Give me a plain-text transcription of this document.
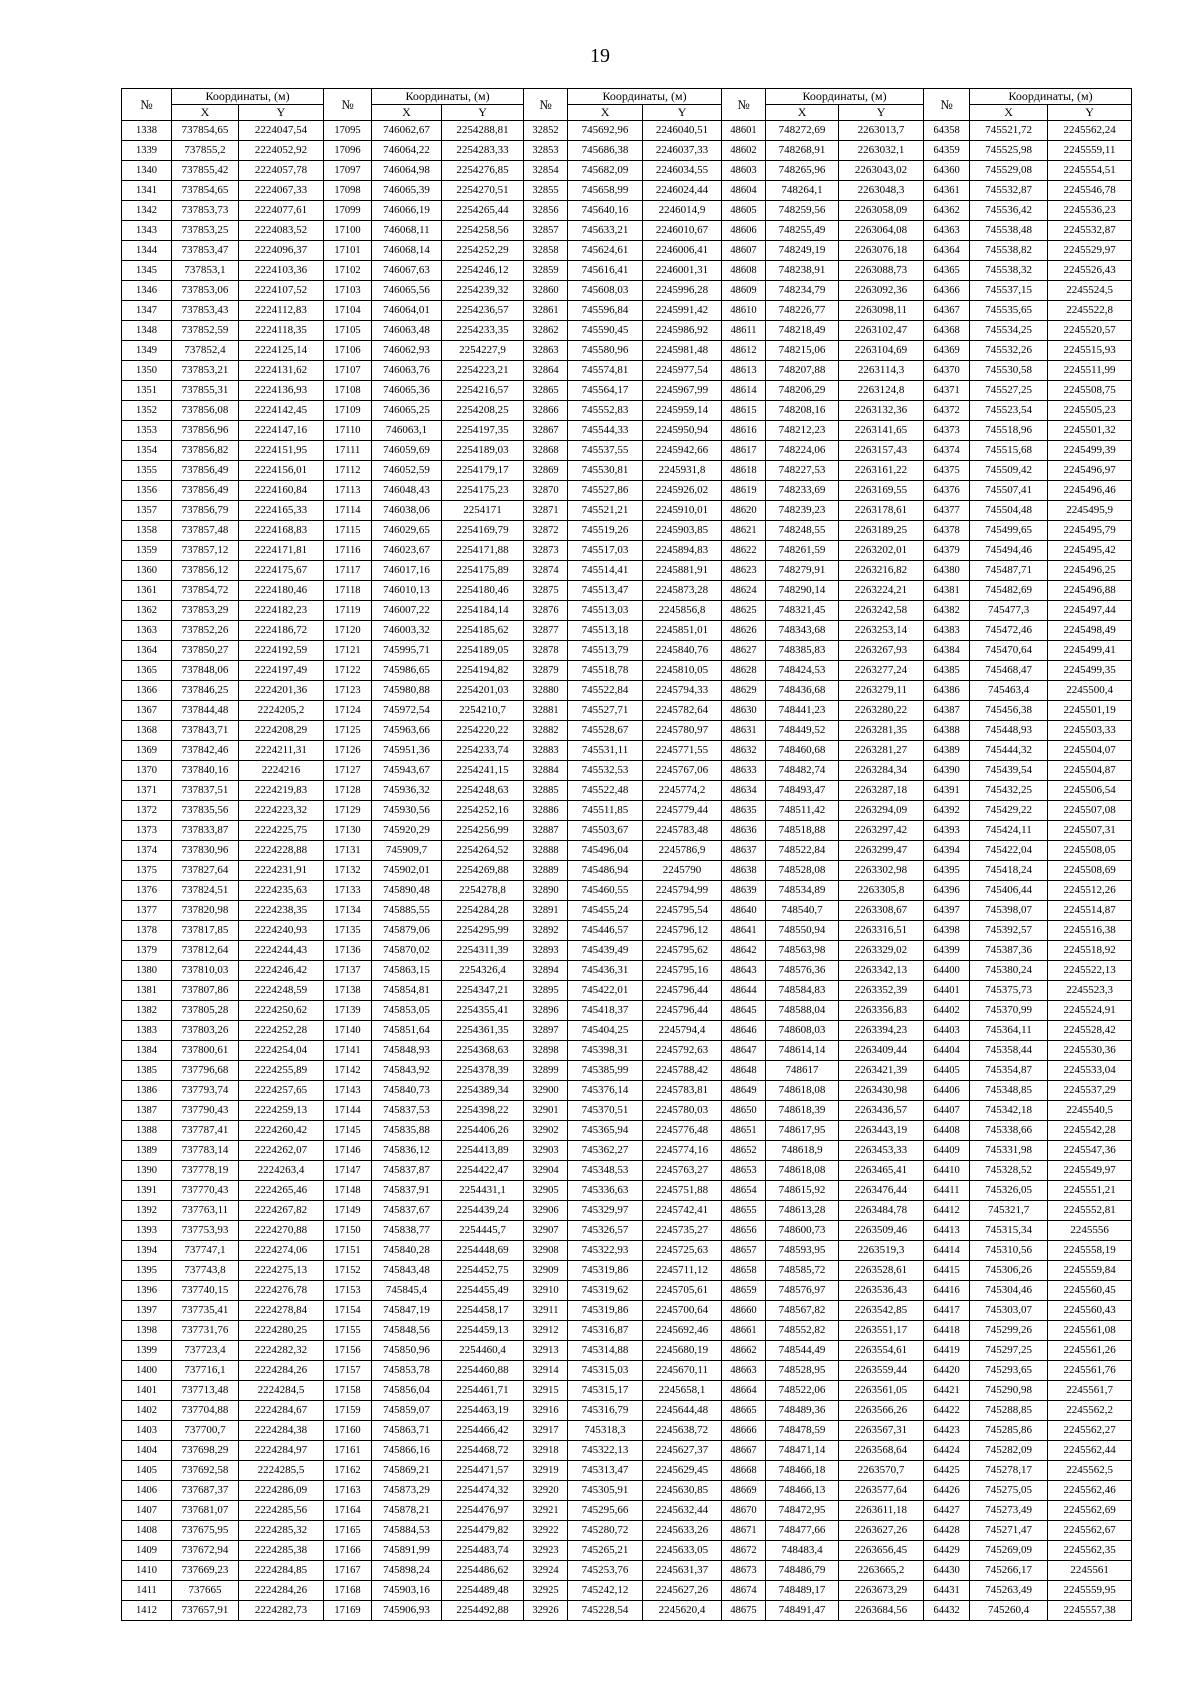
19
№	Координаты, (м)		№	Координаты, (м)		№	Координаты, (м)		№	Координаты, (м)		№	Координаты, (м)	
	X	Y		X	Y		X	Y		X	Y		X	Y
1338	737854,65	2224047,54	17095	746062,67	2254288,81	32852	745692,96	2246040,51	48601	748272,69	2263013,7	64358	745521,72	2245562,24
1339	737855,2	2224052,92	17096	746064,22	2254283,33	32853	745686,38	2246037,33	48602	748268,91	2263032,1	64359	745525,98	2245559,11
1340	737855,42	2224057,78	17097	746064,98	2254276,85	32854	745682,09	2246034,55	48603	748265,96	2263043,02	64360	745529,08	2245554,51
1341	737854,65	2224067,33	17098	746065,39	2254270,51	32855	745658,99	2246024,44	48604	748264,1	2263048,3	64361	745532,87	2245546,78
1342	737853,73	2224077,61	17099	746066,19	2254265,44	32856	745640,16	2246014,9	48605	748259,56	2263058,09	64362	745536,42	2245536,23
1343	737853,25	2224083,52	17100	746068,11	2254258,56	32857	745633,21	2246010,67	48606	748255,49	2263064,08	64363	745538,48	2245532,87
1344	737853,47	2224096,37	17101	746068,14	2254252,29	32858	745624,61	2246006,41	48607	748249,19	2263076,18	64364	745538,82	2245529,97
1345	737853,1	2224103,36	17102	746067,63	2254246,12	32859	745616,41	2246001,31	48608	748238,91	2263088,73	64365	745538,32	2245526,43
1346	737853,06	2224107,52	17103	746065,56	2254239,32	32860	745608,03	2245996,28	48609	748234,79	2263092,36	64366	745537,15	2245524,5
1347	737853,43	2224112,83	17104	746064,01	2254236,57	32861	745596,84	2245991,42	48610	748226,77	2263098,11	64367	745535,65	2245522,8
1348	737852,59	2224118,35	17105	746063,48	2254233,35	32862	745590,45	2245986,92	48611	748218,49	2263102,47	64368	745534,25	2245520,57
1349	737852,4	2224125,14	17106	746062,93	2254227,9	32863	745580,96	2245981,48	48612	748215,06	2263104,69	64369	745532,26	2245515,93
1350	737853,21	2224131,62	17107	746063,76	2254223,21	32864	745574,81	2245977,54	48613	748207,88	2263114,3	64370	745530,58	2245511,99
1351	737855,31	2224136,93	17108	746065,36	2254216,57	32865	745564,17	2245967,99	48614	748206,29	2263124,8	64371	745527,25	2245508,75
1352	737856,08	2224142,45	17109	746065,25	2254208,25	32866	745552,83	2245959,14	48615	748208,16	2263132,36	64372	745523,54	2245505,23
1353	737856,96	2224147,16	17110	746063,1	2254197,35	32867	745544,33	2245950,94	48616	748212,23	2263141,65	64373	745518,96	2245501,32
1354	737856,82	2224151,95	17111	746059,69	2254189,03	32868	745537,55	2245942,66	48617	748224,06	2263157,43	64374	745515,68	2245499,39
1355	737856,49	2224156,01	17112	746052,59	2254179,17	32869	745530,81	2245931,8	48618	748227,53	2263161,22	64375	745509,42	2245496,97
1356	737856,49	2224160,84	17113	746048,43	2254175,23	32870	745527,86	2245926,02	48619	748233,69	2263169,55	64376	745507,41	2245496,46
1357	737856,79	2224165,33	17114	746038,06	2254171	32871	745521,21	2245910,01	48620	748239,23	2263178,61	64377	745504,48	2245495,9
1358	737857,48	2224168,83	17115	746029,65	2254169,79	32872	745519,26	2245903,85	48621	748248,55	2263189,25	64378	745499,65	2245495,79
1359	737857,12	2224171,81	17116	746023,67	2254171,88	32873	745517,03	2245894,83	48622	748261,59	2263202,01	64379	745494,46	2245495,42
1360	737856,12	2224175,67	17117	746017,16	2254175,89	32874	745514,41	2245881,91	48623	748279,91	2263216,82	64380	745487,71	2245496,25
1361	737854,72	2224180,46	17118	746010,13	2254180,46	32875	745513,47	2245873,28	48624	748290,14	2263224,21	64381	745482,69	2245496,88
1362	737853,29	2224182,23	17119	746007,22	2254184,14	32876	745513,03	2245856,8	48625	748321,45	2263242,58	64382	745477,3	2245497,44
1363	737852,26	2224186,72	17120	746003,32	2254185,62	32877	745513,18	2245851,01	48626	748343,68	2263253,14	64383	745472,46	2245498,49
1364	737850,27	2224192,59	17121	745995,71	2254189,05	32878	745513,79	2245840,76	48627	748385,83	2263267,93	64384	745470,64	2245499,41
1365	737848,06	2224197,49	17122	745986,65	2254194,82	32879	745518,78	2245810,05	48628	748424,53	2263277,24	64385	745468,47	2245499,35
1366	737846,25	2224201,36	17123	745980,88	2254201,03	32880	745522,84	2245794,33	48629	748436,68	2263279,11	64386	745463,4	2245500,4
1367	737844,48	2224205,2	17124	745972,54	2254210,7	32881	745527,71	2245782,64	48630	748441,23	2263280,22	64387	745456,38	2245501,19
1368	737843,71	2224208,29	17125	745963,66	2254220,22	32882	745528,67	2245780,97	48631	748449,52	2263281,35	64388	745448,93	2245503,33
1369	737842,46	2224211,31	17126	745951,36	2254233,74	32883	745531,11	2245771,55	48632	748460,68	2263281,27	64389	745444,32	2245504,07
1370	737840,16	2224216	17127	745943,67	2254241,15	32884	745532,53	2245767,06	48633	748482,74	2263284,34	64390	745439,54	2245504,87
1371	737837,51	2224219,83	17128	745936,32	2254248,63	32885	745522,48	2245774,2	48634	748493,47	2263287,18	64391	745432,25	2245506,54
1372	737835,56	2224223,32	17129	745930,56	2254252,16	32886	745511,85	2245779,44	48635	748511,42	2263294,09	64392	745429,22	2245507,08
1373	737833,87	2224225,75	17130	745920,29	2254256,99	32887	745503,67	2245783,48	48636	748518,88	2263297,42	64393	745424,11	2245507,31
1374	737830,96	2224228,88	17131	745909,7	2254264,52	32888	745496,04	2245786,9	48637	748522,84	2263299,47	64394	745422,04	2245508,05
1375	737827,64	2224231,91	17132	745902,01	2254269,88	32889	745486,94	2245790	48638	748528,08	2263302,98	64395	745418,24	2245508,69
1376	737824,51	2224235,63	17133	745890,48	2254278,8	32890	745460,55	2245794,99	48639	748534,89	2263305,8	64396	745406,44	2245512,26
1377	737820,98	2224238,35	17134	745885,55	2254284,28	32891	745455,24	2245795,54	48640	748540,7	2263308,67	64397	745398,07	2245514,87
1378	737817,85	2224240,93	17135	745879,06	2254295,99	32892	745446,57	2245796,12	48641	748550,94	2263316,51	64398	745392,57	2245516,38
1379	737812,64	2224244,43	17136	745870,02	2254311,39	32893	745439,49	2245795,62	48642	748563,98	2263329,02	64399	745387,36	2245518,92
1380	737810,03	2224246,42	17137	745863,15	2254326,4	32894	745436,31	2245795,16	48643	748576,36	2263342,13	64400	745380,24	2245522,13
1381	737807,86	2224248,59	17138	745854,81	2254347,21	32895	745422,01	2245796,44	48644	748584,83	2263352,39	64401	745375,73	2245523,3
1382	737805,28	2224250,62	17139	745853,05	2254355,41	32896	745418,37	2245796,44	48645	748588,04	2263356,83	64402	745370,99	2245524,91
1383	737803,26	2224252,28	17140	745851,64	2254361,35	32897	745404,25	2245794,4	48646	748608,03	2263394,23	64403	745364,11	2245528,42
1384	737800,61	2224254,04	17141	745848,93	2254368,63	32898	745398,31	2245792,63	48647	748614,14	2263409,44	64404	745358,44	2245530,36
1385	737796,68	2224255,89	17142	745843,92	2254378,39	32899	745385,99	2245788,42	48648	748617	2263421,39	64405	745354,87	2245533,04
1386	737793,74	2224257,65	17143	745840,73	2254389,34	32900	745376,14	2245783,81	48649	748618,08	2263430,98	64406	745348,85	2245537,29
1387	737790,43	2224259,13	17144	745837,53	2254398,22	32901	745370,51	2245780,03	48650	748618,39	2263436,57	64407	745342,18	2245540,5
1388	737787,41	2224260,42	17145	745835,88	2254406,26	32902	745365,94	2245776,48	48651	748617,95	2263443,19	64408	745338,66	2245542,28
1389	737783,14	2224262,07	17146	745836,12	2254413,89	32903	745362,27	2245774,16	48652	748618,9	2263453,33	64409	745331,98	2245547,36
1390	737778,19	2224263,4	17147	745837,87	2254422,47	32904	745348,53	2245763,27	48653	748618,08	2263465,41	64410	745328,52	2245549,97
1391	737770,43	2224265,46	17148	745837,91	2254431,1	32905	745336,63	2245751,88	48654	748615,92	2263476,44	64411	745326,05	2245551,21
1392	737763,11	2224267,82	17149	745837,67	2254439,24	32906	745329,97	2245742,41	48655	748613,28	2263484,78	64412	745321,7	2245552,81
1393	737753,93	2224270,88	17150	745838,77	2254445,7	32907	745326,57	2245735,27	48656	748600,73	2263509,46	64413	745315,34	2245556
1394	737747,1	2224274,06	17151	745840,28	2254448,69	32908	745322,93	2245725,63	48657	748593,95	2263519,3	64414	745310,56	2245558,19
1395	737743,8	2224275,13	17152	745843,48	2254452,75	32909	745319,86	2245711,12	48658	748585,72	2263528,61	64415	745306,26	2245559,84
1396	737740,15	2224276,78	17153	745845,4	2254455,49	32910	745319,62	2245705,61	48659	748576,97	2263536,43	64416	745304,46	2245560,45
1397	737735,41	2224278,84	17154	745847,19	2254458,17	32911	745319,86	2245700,64	48660	748567,82	2263542,85	64417	745303,07	2245560,43
1398	737731,76	2224280,25	17155	745848,56	2254459,13	32912	745316,87	2245692,46	48661	748552,82	2263551,17	64418	745299,26	2245561,08
1399	737723,4	2224282,32	17156	745850,96	2254460,4	32913	745314,88	2245680,19	48662	748544,49	2263554,61	64419	745297,25	2245561,26
1400	737716,1	2224284,26	17157	745853,78	2254460,88	32914	745315,03	2245670,11	48663	748528,95	2263559,44	64420	745293,65	2245561,76
1401	737713,48	2224284,5	17158	745856,04	2254461,71	32915	745315,17	2245658,1	48664	748522,06	2263561,05	64421	745290,98	2245561,7
1402	737704,88	2224284,67	17159	745859,07	2254463,19	32916	745316,79	2245644,48	48665	748489,36	2263566,26	64422	745288,85	2245562,2
1403	737700,7	2224284,38	17160	745863,71	2254466,42	32917	745318,3	2245638,72	48666	748478,59	2263567,31	64423	745285,86	2245562,27
1404	737698,29	2224284,97	17161	745866,16	2254468,72	32918	745322,13	2245627,37	48667	748471,14	2263568,64	64424	745282,09	2245562,44
1405	737692,58	2224285,5	17162	745869,21	2254471,57	32919	745313,47	2245629,45	48668	748466,18	2263570,7	64425	745278,17	2245562,5
1406	737687,37	2224286,09	17163	745873,29	2254474,32	32920	745305,91	2245630,85	48669	748466,13	2263577,64	64426	745275,05	2245562,46
1407	737681,07	2224285,56	17164	745878,21	2254476,97	32921	745295,66	2245632,44	48670	748472,95	2263611,18	64427	745273,49	2245562,69
1408	737675,95	2224285,32	17165	745884,53	2254479,82	32922	745280,72	2245633,26	48671	748477,66	2263627,26	64428	745271,47	2245562,67
1409	737672,94	2224285,38	17166	745891,99	2254483,74	32923	745265,21	2245633,05	48672	748483,4	2263656,45	64429	745269,09	2245562,35
1410	737669,23	2224284,85	17167	745898,24	2254486,62	32924	745253,76	2245631,37	48673	748486,79	2263665,2	64430	745266,17	2245561
1411	737665	2224284,26	17168	745903,16	2254489,48	32925	745242,12	2245627,26	48674	748489,17	2263673,29	64431	745263,49	2245559,95
1412	737657,91	2224282,73	17169	745906,93	2254492,88	32926	745228,54	2245620,4	48675	748491,47	2263684,56	64432	745260,4	2245557,38
